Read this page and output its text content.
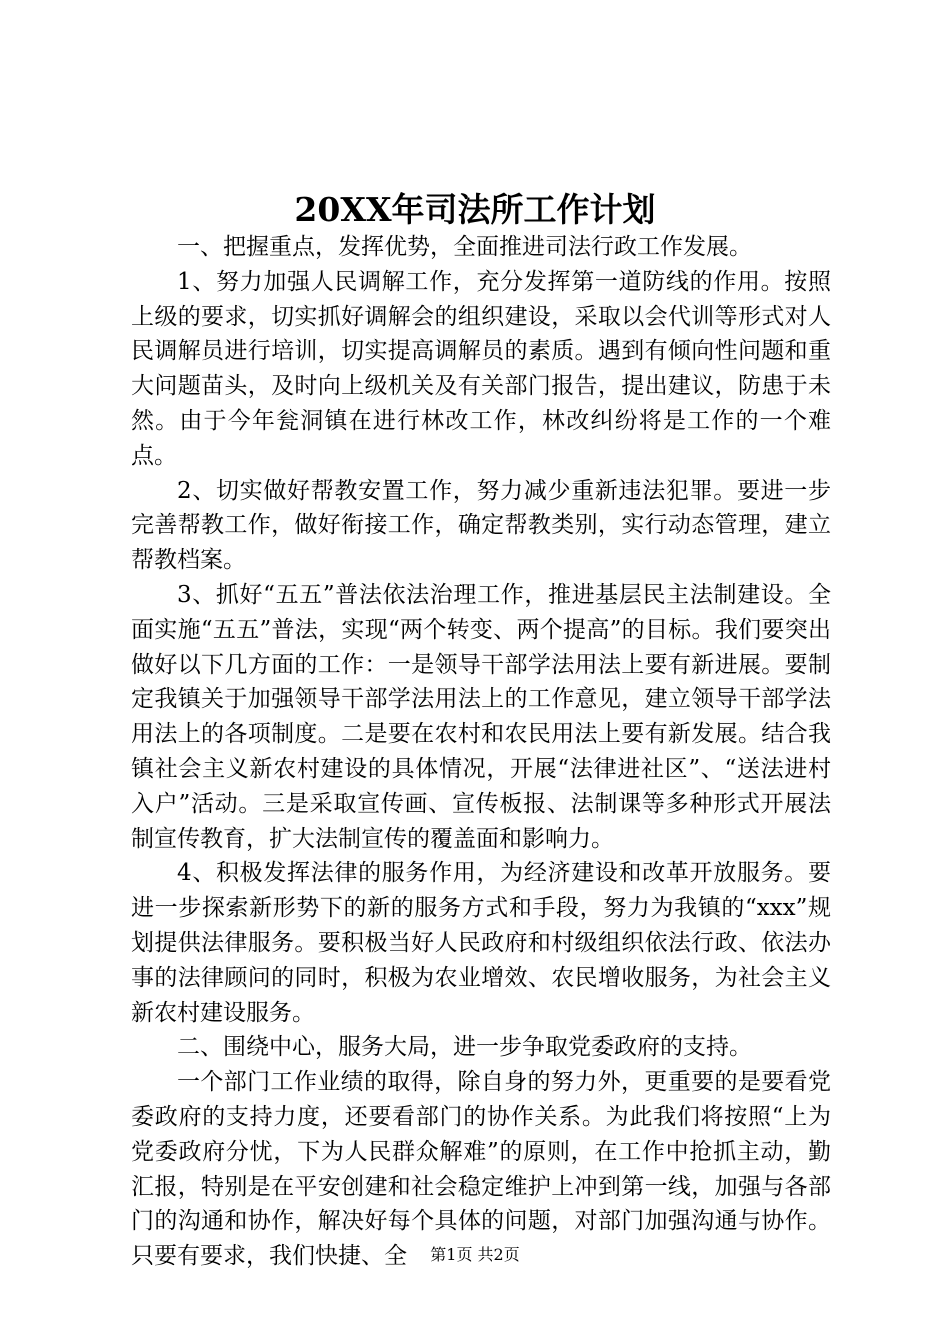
20XX年司法所工作计划

一、把握重点，发挥优势，全面推进司法行政工作发展。

1、努力加强人民调解工作，充分发挥第一道防线的作用。按照上级的要求，切实抓好调解会的组织建设，采取以会代训等形式对人民调解员进行培训，切实提高调解员的素质。遇到有倾向性问题和重大问题苗头，及时向上级机关及有关部门报告，提出建议，防患于未然。由于今年瓮洞镇在进行林改工作，林改纠纷将是工作的一个难点。

2、切实做好帮教安置工作，努力减少重新违法犯罪。要进一步完善帮教工作，做好衔接工作，确定帮教类别，实行动态管理，建立帮教档案。

3、抓好“五五”普法依法治理工作，推进基层民主法制建设。全面实施“五五”普法，实现“两个转变、两个提高”的目标。我们要突出做好以下几方面的工作：一是领导干部学法用法上要有新进展。要制定我镇关于加强领导干部学法用法上的工作意见，建立领导干部学法用法上的各项制度。二是要在农村和农民用法上要有新发展。结合我镇社会主义新农村建设的具体情况，开展“法律进社区”、“送法进村入户”活动。三是采取宣传画、宣传板报、法制课等多种形式开展法制宣传教育，扩大法制宣传的覆盖面和影响力。

4、积极发挥法律的服务作用，为经济建设和改革开放服务。要进一步探索新形势下的新的服务方式和手段，努力为我镇的“xxx”规划提供法律服务。要积极当好人民政府和村级组织依法行政、依法办事的法律顾问的同时，积极为农业增效、农民增收服务，为社会主义新农村建设服务。

二、围绕中心，服务大局，进一步争取党委政府的支持。

一个部门工作业绩的取得，除自身的努力外，更重要的是要看党委政府的支持力度，还要看部门的协作关系。为此我们将按照“上为党委政府分忧，下为人民群众解难”的原则，在工作中抢抓主动，勤汇报，特别是在平安创建和社会稳定维护上冲到第一线，加强与各部门的沟通和协作，解决好每个具体的问题，对部门加强沟通与协作。只要有要求，我们快捷、全	第1页 共2页
